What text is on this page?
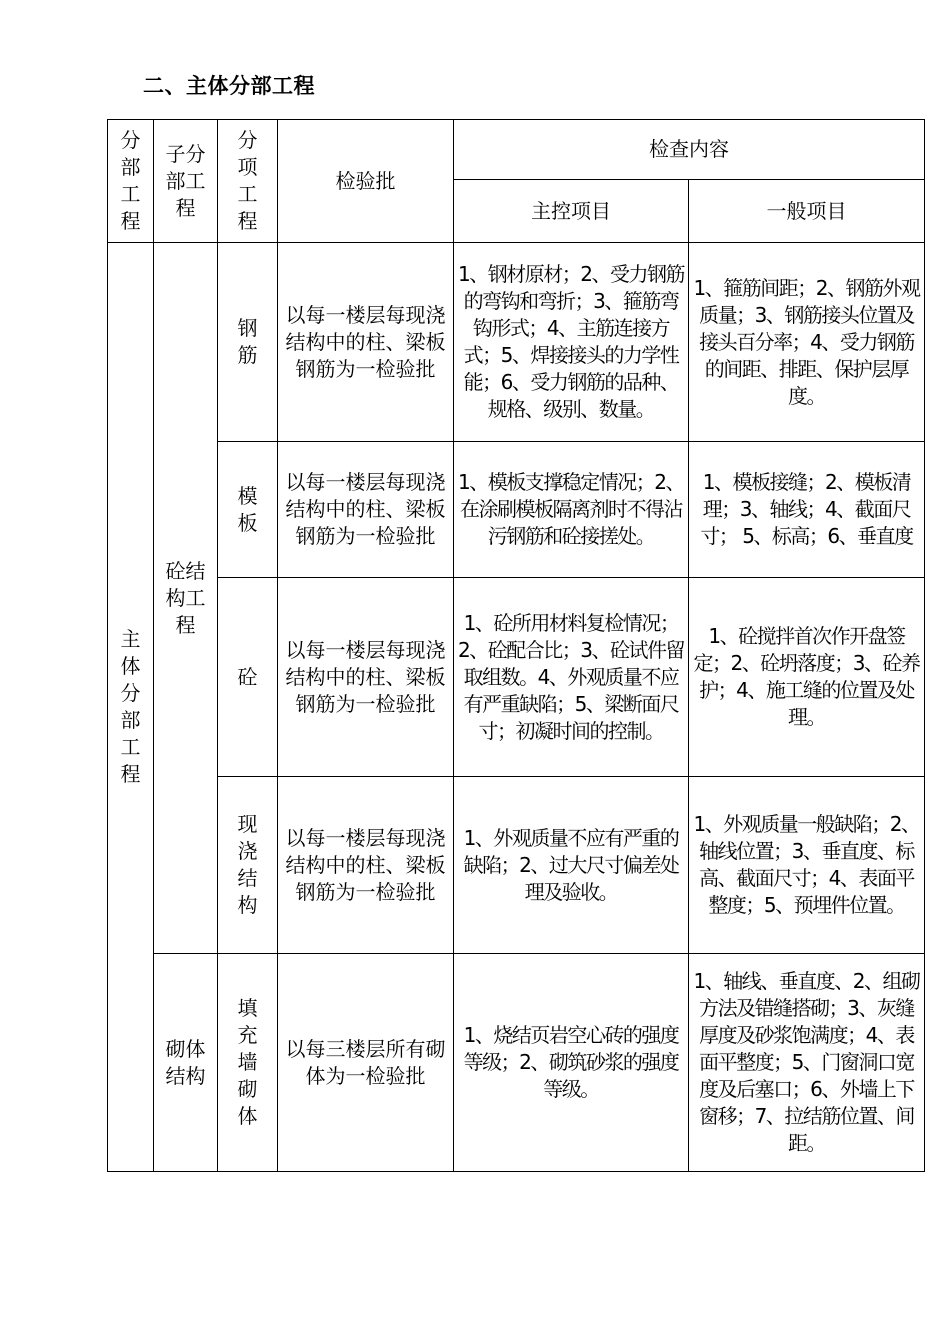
二、主体分部工程
分部工程	子分部工程	分项工程	检验批	检查内容	
				主控项目	一般项目

主体分部工程	砼结构工程	钢筋	以每一楼层每现浇结构中的柱、梁板钢筋为一检验批	1、钢材原材；2、受力钢筋的弯钩和弯折；3、箍筋弯钩形式；4、主筋连接方式；5、焊接接头的力学性能；6、受力钢筋的品种、规格、级别、数量。	1、箍筋间距；2、钢筋外观质量；3、钢筋接头位置及接头百分率；4、受力钢筋的间距、排距、保护层厚度。

		模板	以每一楼层每现浇结构中的柱、梁板钢筋为一检验批	1、模板支撑稳定情况；2、在涂刷模板隔离剂时不得沾污钢筋和砼接搓处。	1、模板接缝；2、模板清理；3、轴线；4、截面尺寸； 5、标高；6、垂直度

		砼	以每一楼层每现浇结构中的柱、梁板钢筋为一检验批	1、砼所用材料复检情况；2、砼配合比；3、砼试件留取组数。4、外观质量不应有严重缺陷；5、梁断面尺寸；初凝时间的控制。	1、砼搅拌首次作开盘签定；2、砼坍落度；3、砼养护；4、施工缝的位置及处理。

		现浇结构	以每一楼层每现浇结构中的柱、梁板钢筋为一检验批	1、外观质量不应有严重的缺陷；2、过大尺寸偏差处理及验收。	1、外观质量一般缺陷；2、轴线位置；3、垂直度、标高、截面尺寸；4、表面平整度；5、预埋件位置。

	砌体结构	填充墙砌体	以每三楼层所有砌体为一检验批	1、烧结页岩空心砖的强度等级；2、砌筑砂浆的强度等级。	1、轴线、垂直度、2、组砌方法及错缝搭砌；3、灰缝厚度及砂浆饱满度；4、表面平整度；5、门窗洞口宽度及后塞口；6、外墙上下窗移；7、拉结筋位置、间距。
